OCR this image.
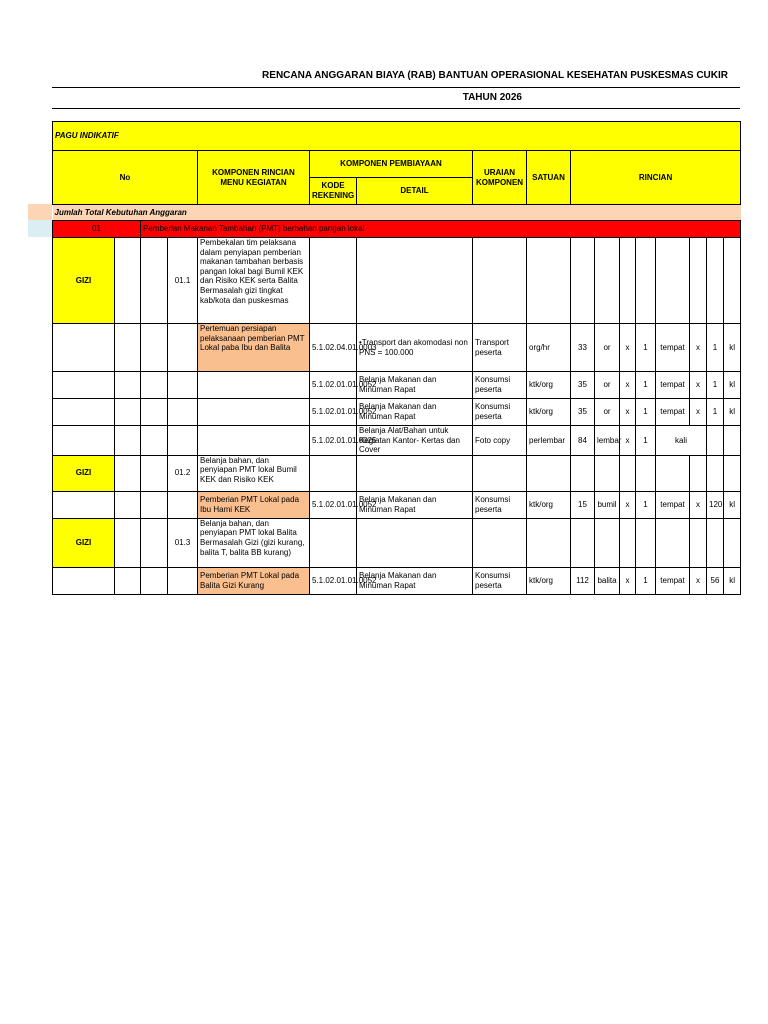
RENCANA ANGGARAN BIAYA (RAB) BANTUAN OPERASIONAL KESEHATAN PUSKESMAS CUKIR
TAHUN 2026
PAGU INDIKATIF																
No				KOMPONEN RINCIAN MENU KEGIATAN	KOMPONEN PEMBIAYAAN		URAIAN KOMPONEN	SATUAN	RINCIAN							
					KODE REKENING	DETAIL										
Jumlah Total Kebutuhan Anggaran																
01		Pemberian Makanan Tambahan (PMT) berbahan pangan lokal														
GIZI			01.1	Pembekalan tim pelaksana dalam penyiapan pemberian makanan tambahan berbasis pangan lokal bagi Bumil KEK dan Risiko KEK serta Balita Bermasalah gizi tingkat kab/kota dan puskesmas												
				Pertemuan persiapan pelaksanaan pemberian PMT Lokal paba Ibu dan Balita	5.1.02.04.01.0003	•Transport dan akomodasi non PNS = 100.000	Transport peserta	org/hr	33	or	x	1	tempat	x	1	kl
					5.1.02.01.01.0052	Belanja Makanan dan Minuman Rapat	Konsumsi peserta	ktk/org	35	or	x	1	tempat	x	1	kl
					5.1.02.01.01.0052	Belanja Makanan dan Minuman Rapat	Konsumsi peserta	ktk/org	35	or	x	1	tempat	x	1	kl
					5.1.02.01.01.0025	Belanja Alat/Bahan untuk Kegiatan Kantor- Kertas dan Cover	Foto copy	perlembar	84	lembar	x	1	kali			
GIZI			01.2	Belanja bahan, dan penyiapan PMT lokal Bumil KEK dan Risiko KEK												
				Pemberian PMT Lokal pada Ibu Hami KEK	5.1.02.01.01.0052	Belanja Makanan dan Minuman Rapat	Konsumsi peserta	ktk/org	15	bumil	x	1	tempat	x	120	kl
GIZI			01.3	Belanja bahan, dan penyiapan PMT lokal Balita Bermasalah Gizi (gizi kurang, balita T, balita BB kurang)												
				Pemberian PMT Lokal pada Balita Gizi Kurang	5.1.02.01.01.0052	Belanja Makanan dan Minuman Rapat	Konsumsi peserta	ktk/org	112	balita	x	1	tempat	x	56	kl
